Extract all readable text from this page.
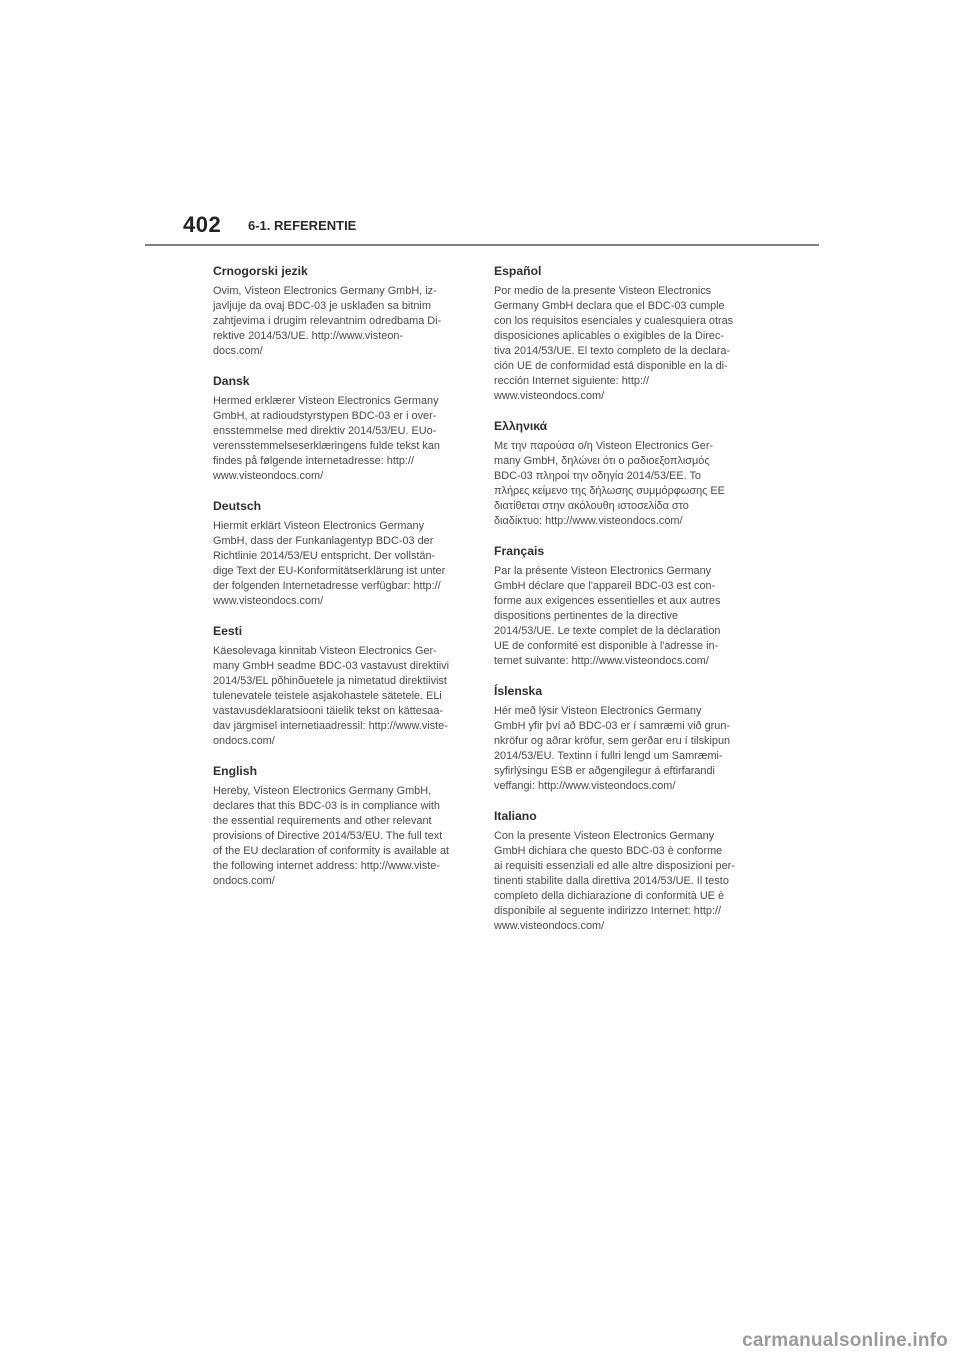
402 6-1. REFERENTIE
Crnogorski jezik

Ovim, Visteon Electronics Germany GmbH, iz-
javljuje da ovaj BDC-03 je usklađen sa bitnim
zahtjevima i drugim relevantnim odredbama Di-
rektive 2014/53/UE. http://www.visteon-
docs.com/

Dansk

Hermed erklærer Visteon Electronics Germany
GmbH, at radioudstyrstypen BDC-03 er i over-
ensstemmelse med direktiv 2014/53/EU. EUo-
verensstemmelseserklæringens fulde tekst kan
findes på følgende internetadresse: http://
www.visteondocs.com/

Deutsch

Hiermit erklärt Visteon Electronics Germany
GmbH, dass der Funkanlagentyp BDC-03 der
Richtlinie 2014/53/EU entspricht. Der vollstän-
dige Text der EU-Konformitätserklärung ist unter
der folgenden Internetadresse verfügbar: http://
www.visteondocs.com/

Eesti

Käesolevaga kinnitab Visteon Electronics Ger-
many GmbH seadme BDC-03 vastavust direktiivi
2014/53/EL põhinõuetele ja nimetatud direktiivist
tulenevatele teistele asjakohastele sätetele. ELi
vastavusdeklaratsiooni täielik tekst on kättesaa-
dav järgmisel internetiaadressil: http://www.viste-
ondocs.com/

English

Hereby, Visteon Electronics Germany GmbH,
declares that this BDC-03 is in compliance with
the essential requirements and other relevant
provisions of Directive 2014/53/EU. The full text
of the EU declaration of conformity is available at
the following internet address: http://www.viste-
ondocs.com/

Español

Por medio de la presente Visteon Electronics
Germany GmbH declara que el BDC-03 cumple
con los requisitos esenciales y cualesquiera otras
disposiciones aplicables o exigibles de la Direc-
tiva 2014/53/UE. El texto completo de la declara-
ción UE de conformidad está disponible en la di-
rección Internet siguiente: http://
www.visteondocs.com/

Ελληνικά

Με την παρούσα ο/η Visteon Electronics Ger-
many GmbH, δηλώνει ότι ο ραδιοεξοπλισμός
BDC-03 πληροί την οδηγία 2014/53/ΕΕ. Το
πλήρες κείμενο της δήλωσης συμμόρφωσης ΕΕ
διατίθεται στην ακόλουθη ιστοσελίδα στο
διαδίκτυο: http://www.visteondocs.com/

Français

Par la présente Visteon Electronics Germany
GmbH déclare que l'appareil BDC-03 est con-
forme aux exigences essentielles et aux autres
dispositions pertinentes de la directive
2014/53/UE. Le texte complet de la déclaration
UE de conformité est disponible à l'adresse in-
ternet suivante: http://www.visteondocs.com/

Íslenska

Hér með lýsir Visteon Electronics Germany
GmbH yfir því að BDC-03 er í samræmi við grun-
nkröfur og aðrar kröfur, sem gerðar eru í tilskipun
2014/53/EU. Textinn í fullri lengd um Samræmi-
syfirlýsingu ESB er aðgengilegur á eftirfarandi
veffangi: http://www.visteondocs.com/

Italiano

Con la presente Visteon Electronics Germany
GmbH dichiara che questo BDC-03 è conforme
ai requisiti essenziali ed alle altre disposizioni per-
tinenti stabilite dalla direttiva 2014/53/UE. Il testo
completo della dichiarazione di conformità UE è
disponibile al seguente indirizzo Internet: http://
www.visteondocs.com/

carmanualsonline.info
